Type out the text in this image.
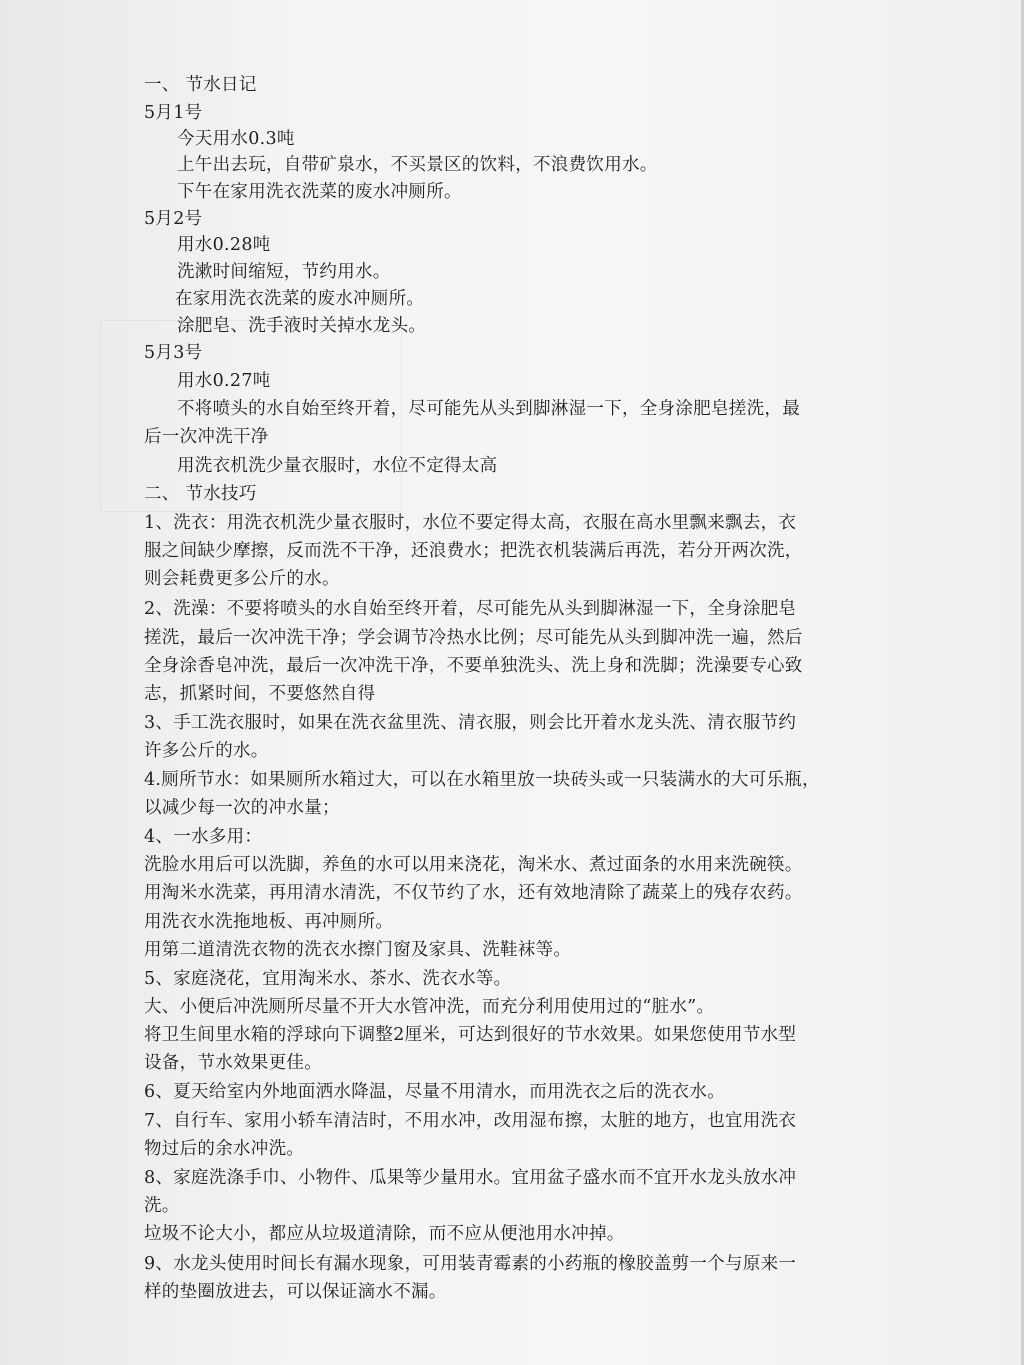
一、 节水日记
5月1号
今天用水0.3吨
上午出去玩，自带矿泉水，不买景区的饮料，不浪费饮用水。
下午在家用洗衣洗菜的废水冲厕所。
5月2号
用水0.28吨
洗漱时间缩短，节约用水。
在家用洗衣洗菜的废水冲厕所。
涂肥皂、洗手液时关掉水龙头。
5月3号
用水0.27吨
不将喷头的水自始至终开着，尽可能先从头到脚淋湿一下，全身涂肥皂搓洗，最
后一次冲洗干净
用洗衣机洗少量衣服时，水位不定得太高
二、 节水技巧
1、洗衣：用洗衣机洗少量衣服时，水位不要定得太高，衣服在高水里飘来飘去，衣
服之间缺少摩擦，反而洗不干净，还浪费水；把洗衣机装满后再洗，若分开两次洗，
则会耗费更多公斤的水。
2、洗澡：不要将喷头的水自始至终开着，尽可能先从头到脚淋湿一下，全身涂肥皂
搓洗，最后一次冲洗干净；学会调节冷热水比例；尽可能先从头到脚冲洗一遍，然后
全身涂香皂冲洗，最后一次冲洗干净，不要单独洗头、洗上身和洗脚；洗澡要专心致
志，抓紧时间，不要悠然自得
3、手工洗衣服时，如果在洗衣盆里洗、清衣服，则会比开着水龙头洗、清衣服节约
许多公斤的水。
4.厕所节水：如果厕所水箱过大，可以在水箱里放一块砖头或一只装满水的大可乐瓶，
以减少每一次的冲水量；
4、一水多用：
洗脸水用后可以洗脚，养鱼的水可以用来浇花，淘米水、煮过面条的水用来洗碗筷。
用淘米水洗菜，再用清水清洗，不仅节约了水，还有效地清除了蔬菜上的残存农药。
用洗衣水洗拖地板、再冲厕所。
用第二道清洗衣物的洗衣水擦门窗及家具、洗鞋袜等。
5、家庭浇花，宜用淘米水、茶水、洗衣水等。
大、小便后冲洗厕所尽量不开大水管冲洗，而充分利用使用过的“脏水”。
将卫生间里水箱的浮球向下调整2厘米，可达到很好的节水效果。如果您使用节水型
设备，节水效果更佳。
6、夏天给室内外地面洒水降温，尽量不用清水，而用洗衣之后的洗衣水。
7、自行车、家用小轿车清洁时，不用水冲，改用湿布擦，太脏的地方，也宜用洗衣
物过后的余水冲洗。
8、家庭洗涤手巾、小物件、瓜果等少量用水。宜用盆子盛水而不宜开水龙头放水冲
洗。
垃圾不论大小，都应从垃圾道清除，而不应从便池用水冲掉。
9、水龙头使用时间长有漏水现象，可用装青霉素的小药瓶的橡胶盖剪一个与原来一
样的垫圈放进去，可以保证滴水不漏。
